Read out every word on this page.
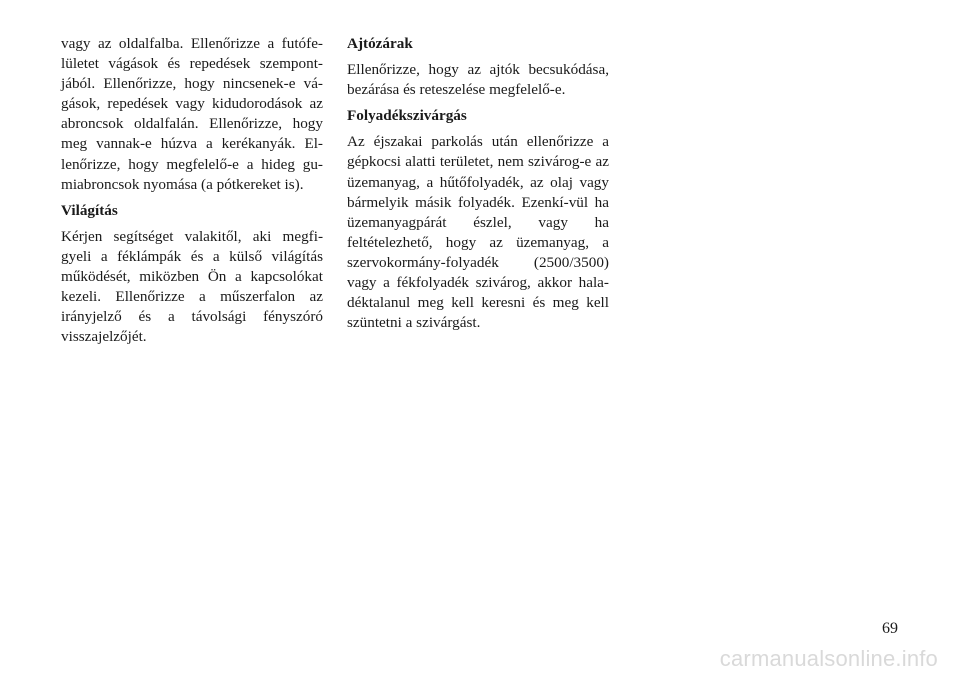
vagy az oldalfalba. Ellenőrizze a futófe-lületet vágások és repedések szempont-jából. Ellenőrizze, hogy nincsenek-e vá-gások, repedések vagy kidudorodások az abroncsok oldalfalán. Ellenőrizze, hogy meg vannak-e húzva a kerékanyák. El-lenőrizze, hogy megfelelő-e a hideg gu-miabroncsok nyomása (a pótkereket is).

Világítás

Kérjen segítséget valakitől, aki megfi-gyeli a féklámpák és a külső világítás működését, miközben Ön a kapcsolókat kezeli. Ellenőrizze a műszerfalon az irányjelző és a távolsági fényszóró visszajelzőjét.

Ajtózárak

Ellenőrizze, hogy az ajtók becsukódása, bezárása és reteszelése megfelelő-e.

Folyadékszivárgás

Az éjszakai parkolás után ellenőrizze a gépkocsi alatti területet, nem szivárog-e az üzemanyag, a hűtőfolyadék, az olaj vagy bármelyik másik folyadék. Ezenkí-vül ha üzemanyagpárát észlel, vagy ha feltételezhető, hogy az üzemanyag, a szervokormány-folyadék (2500/3500) vagy a fékfolyadék szivárog, akkor hala-déktalanul meg kell keresni és meg kell szüntetni a szivárgást.

69
carmanualsonline.info
